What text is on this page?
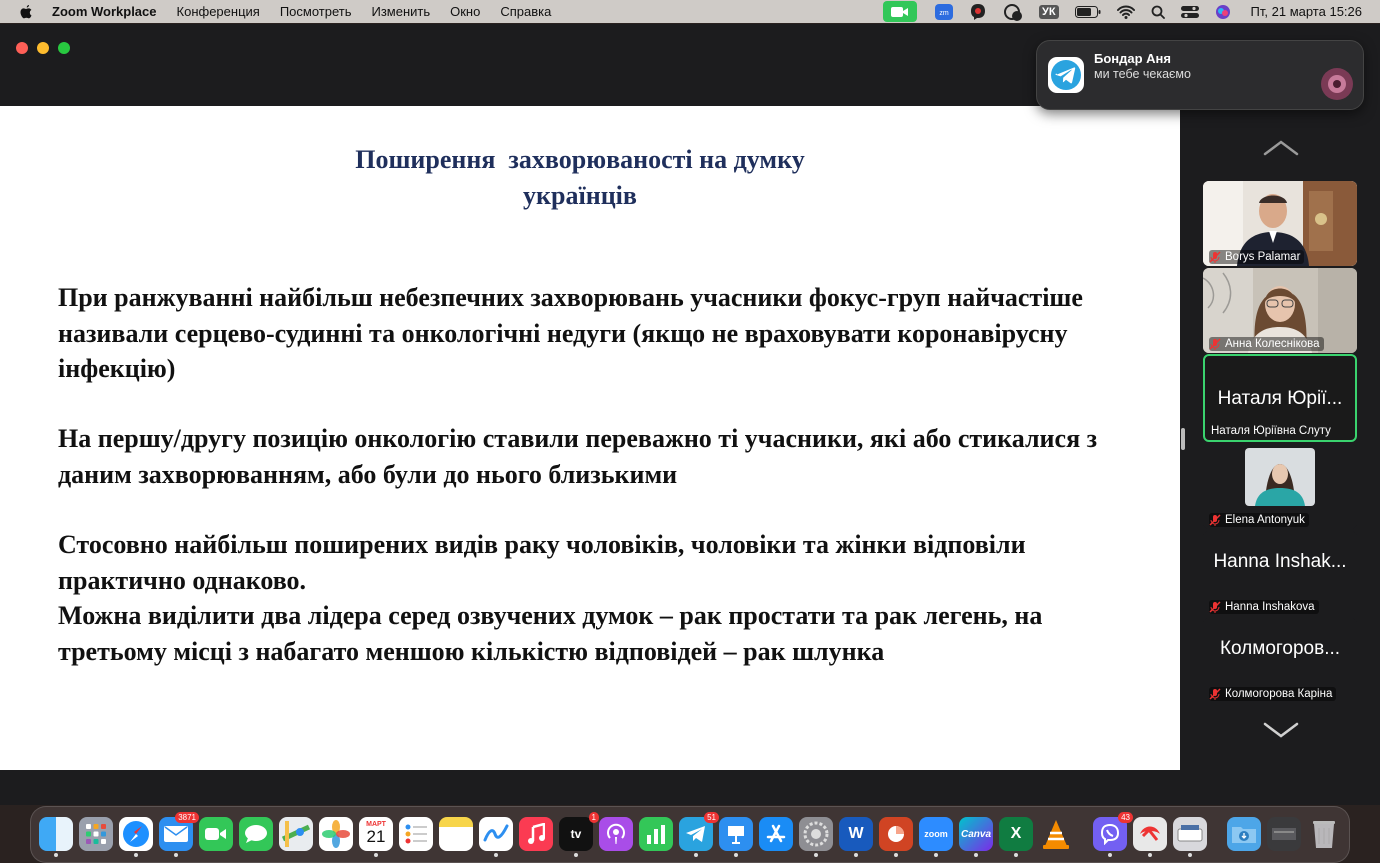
Zoom Workplace Конференция Посмотреть Изменить Окно Справка	zm	УК	Пт, 21 марта 15:26
Поширення  захворюваності на думку
українців
При ранжуванні найбільш небезпечних захворювань учасники фокус-груп найчастіше називали серцево-судинні та онкологічні недуги (якщо не враховувати коронавірусну інфекцію)
На першу/другу позицію онкологію ставили переважно ті учасники, які або стикалися з даним захворюванням, або були до нього близькими
Стосовно найбільш поширених видів раку чоловіків, чоловіки та жінки відповіли практично однаково.
Можна виділити два лідера серед озвучених думок – рак простати та рак легень, на третьому місці з набагато меншою кількістю відповідей – рак шлунка
Borys Palamar
Анна Колеснікова
Наталя Юрії...
Наталя Юріївна Слуту
Elena Antonyuk
Hanna Inshak...
Hanna Inshakova
Колмогоров...
Колмогорова Каріна
Бондар Аня
ми тебе чекаємо
3871
МАРТ
21	tv
1	51
W	zoom Canva X
43
